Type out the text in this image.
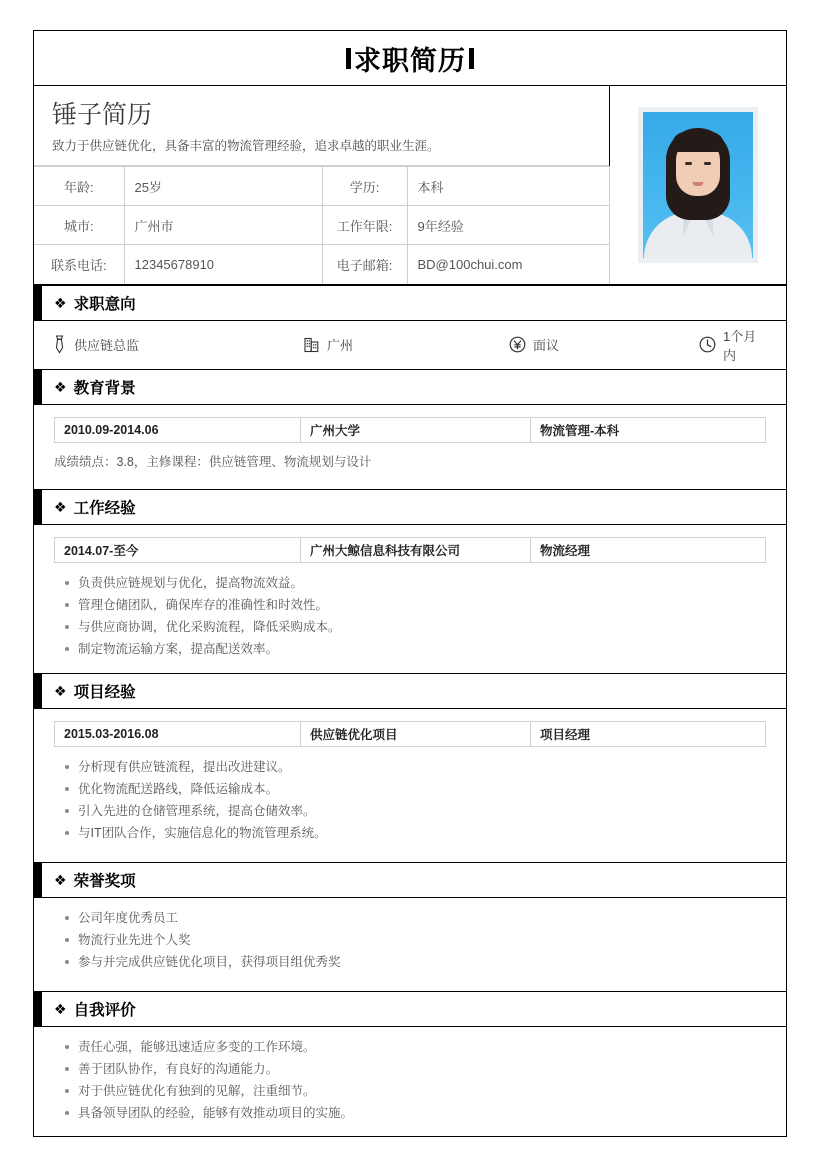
求职简历
锤子简历
致力于供应链优化，具备丰富的物流管理经验，追求卓越的职业生涯。
年龄:	25岁	学历:	本科
城市:	广州市	工作年限:	9年经验
联系电话:	12345678910	电子邮箱:	BD@100chui.com
❖ 求职意向
供应链总监	广州	面议
1个月内
❖ 教育背景
2010.09-2014.06	广州大学	物流管理-本科
成绩绩点：3.8，主修课程：供应链管理、物流规划与设计
❖ 工作经验
2014.07-至今	广州大鲸信息科技有限公司	物流经理
负责供应链规划与优化，提高物流效益。
管理仓储团队，确保库存的准确性和时效性。
与供应商协调，优化采购流程，降低采购成本。
制定物流运输方案，提高配送效率。
❖ 项目经验
2015.03-2016.08	供应链优化项目	项目经理
分析现有供应链流程，提出改进建议。
优化物流配送路线，降低运输成本。
引入先进的仓储管理系统，提高仓储效率。
与IT团队合作，实施信息化的物流管理系统。
❖ 荣誉奖项
公司年度优秀员工
物流行业先进个人奖
参与并完成供应链优化项目，获得项目组优秀奖
❖ 自我评价
责任心强，能够迅速适应多变的工作环境。
善于团队协作，有良好的沟通能力。
对于供应链优化有独到的见解，注重细节。
具备领导团队的经验，能够有效推动项目的实施。
